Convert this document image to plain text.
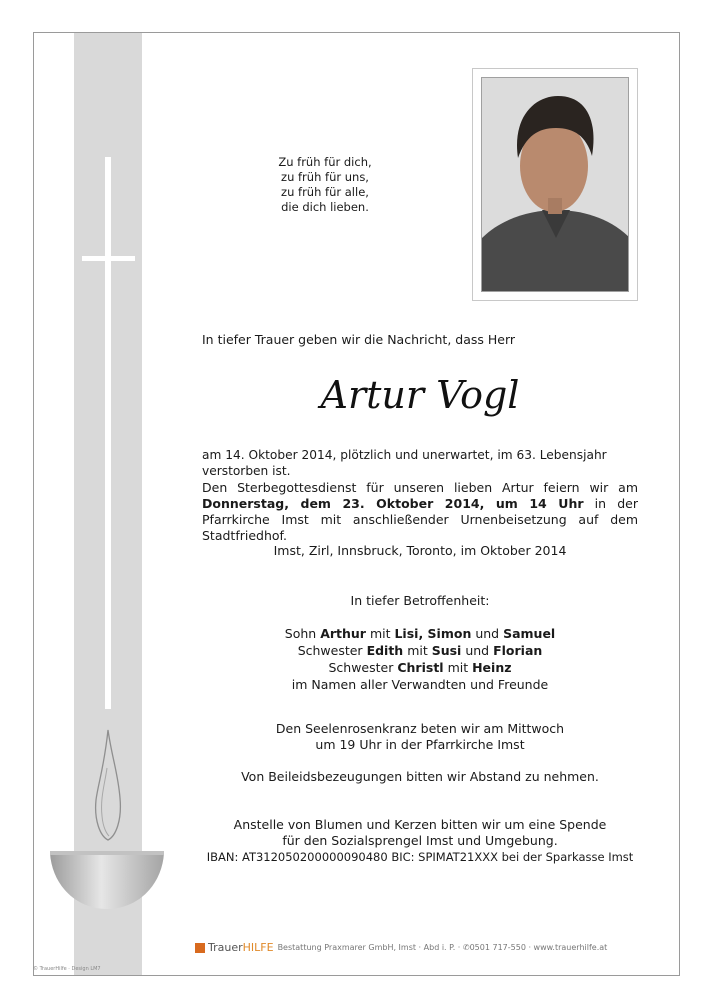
Zu früh für dich,
zu früh für uns,
zu früh für alle,
die dich lieben.

In tiefer Trauer geben wir die Nachricht, dass Herr

Artur Vogl

am 14. Oktober 2014, plötzlich und unerwartet, im 63. Lebensjahr verstorben ist.

Den Sterbegottesdienst für unseren lieben Artur feiern wir am Donnerstag, dem 23. Oktober 2014, um 14 Uhr in der Pfarrkirche Imst mit anschließender Urnenbeisetzung auf dem Stadtfriedhof.

Imst, Zirl, Innsbruck, Toronto, im Oktober 2014

In tiefer Betroffenheit:

Sohn Arthur mit Lisi, Simon und Samuel
Schwester Edith mit Susi und Florian
Schwester Christl mit Heinz
im Namen aller Verwandten und Freunde
Den Seelenrosenkranz beten wir am Mittwoch
um 19 Uhr in der Pfarrkirche Imst

Von Beileidsbezeugungen bitten wir Abstand zu nehmen.

Anstelle von Blumen und Kerzen bitten wir um eine Spende
für den Sozialsprengel Imst und Umgebung.

IBAN: AT312050200000090480 BIC: SPIMAT21XXX bei der Sparkasse Imst

TrauerHILFE Bestattung Praxmarer GmbH, Imst · Abd i. P. · ✆0501 717-550 · www.trauerhilfe.at
© TrauerHilfe · Design LM7
